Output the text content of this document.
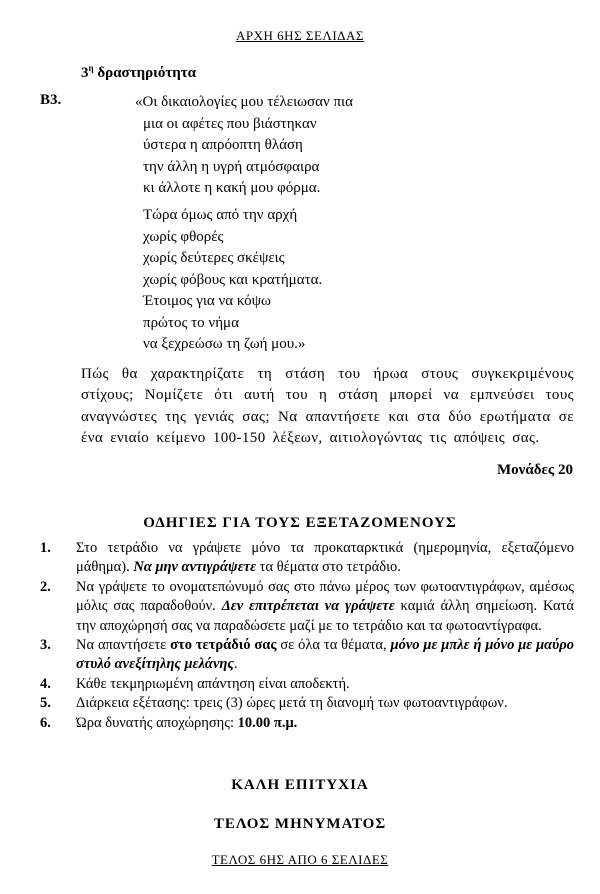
ΑΡΧΗ 6ΗΣ ΣΕΛΙΔΑΣ
$3^\eta$ δραστηριότητα
Β3.	«Οι δικαιολογίες μου τέλειωσαν πια
μια οι αφέτες που βιάστηκαν
ύστερα η απρόοπτη θλάση
την άλλη η υγρή ατμόσφαιρα
κι άλλοτε η κακή μου φόρμα.
Τώρα όμως από την αρχή
χωρίς φθορές
χωρίς δεύτερες σκέψεις
χωρίς φόβους και κρατήματα.
Έτοιμος για να κόψω
πρώτος το νήμα
να ξεχρεώσω τη ζωή μου.»
Πώς θα χαρακτηρίζατε τη στάση του ήρωα στους συγκεκριμένους στίχους; Νομίζετε ότι αυτή του η στάση μπορεί να εμπνεύσει τους αναγνώστες της γενιάς σας; Να απαντήσετε και στα δύο ερωτήματα σε ένα ενιαίο κείμενο 100-150 λέξεων, αιτιολογώντας τις απόψεις σας.
Μονάδες 20
ΟΔΗΓΙΕΣ ΓΙΑ ΤΟΥΣ ΕΞΕΤΑΖΟΜΕΝΟΥΣ
1. Στο τετράδιο να γράψετε μόνο τα προκαταρκτικά (ημερομηνία, εξεταζόμενο μάθημα). Να μην αντιγράψετε τα θέματα στο τετράδιο.
2. Να γράψετε το ονοματεπώνυμό σας στο πάνω μέρος των φωτοαντιγράφων, αμέσως μόλις σας παραδοθούν. Δεν επιτρέπεται να γράψετε καμιά άλλη σημείωση. Κατά την αποχώρησή σας να παραδώσετε μαζί με το τετράδιο και τα φωτοαντίγραφα.
3. Να απαντήσετε στο τετράδιό σας σε όλα τα θέματα, μόνο με μπλε ή μόνο με μαύρο στυλό ανεξίτηλης μελάνης.
4. Κάθε τεκμηριωμένη απάντηση είναι αποδεκτή.
5. Διάρκεια εξέτασης: τρεις (3) ώρες μετά τη διανομή των φωτοαντιγράφων.
6. Ώρα δυνατής αποχώρησης: 10.00 π.μ.
ΚΑΛΗ ΕΠΙΤΥΧΙΑ
ΤΕΛΟΣ ΜΗΝΥΜΑΤΟΣ
ΤΕΛΟΣ 6ΗΣ ΑΠΟ 6 ΣΕΛΙΔΕΣ
